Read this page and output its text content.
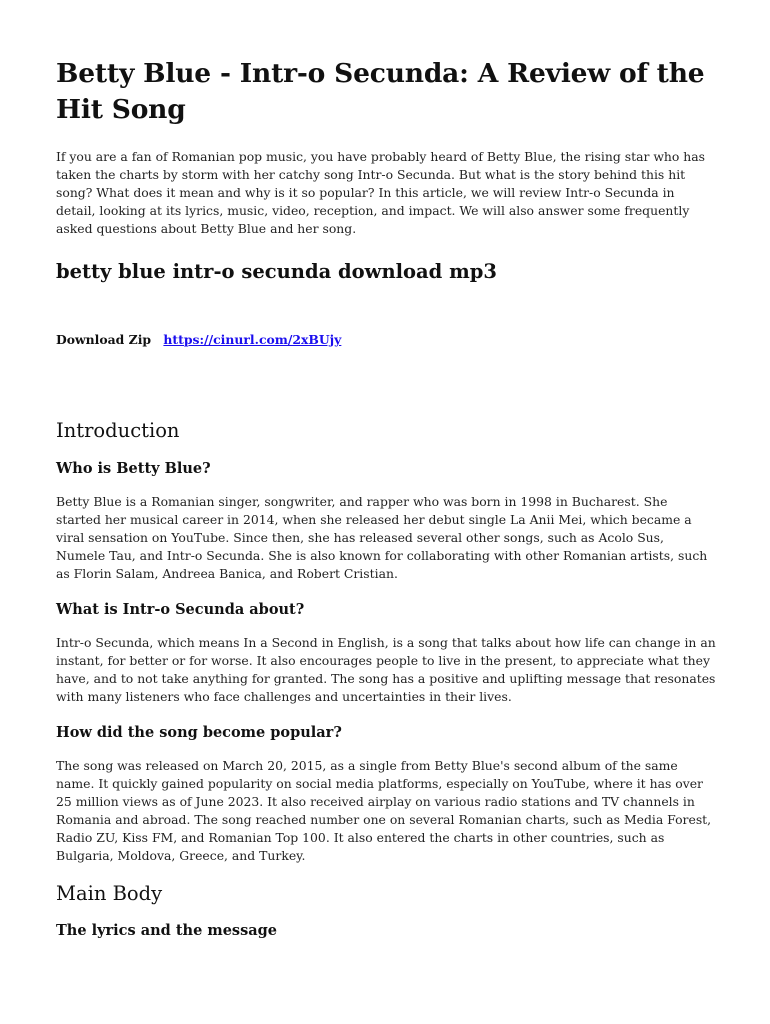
Betty Blue - Intr-o Secunda: A Review of the Hit Song

If you are a fan of Romanian pop music, you have probably heard of Betty Blue, the rising star who has taken the charts by storm with her catchy song Intr-o Secunda. But what is the story behind this hit song? What does it mean and why is it so popular? In this article, we will review Intr-o Secunda in detail, looking at its lyrics, music, video, reception, and impact. We will also answer some frequently asked questions about Betty Blue and her song.

betty blue intr-o secunda download mp3
Download Zip https://cinurl.com/2xBUjy
Introduction
Who is Betty Blue?

Betty Blue is a Romanian singer, songwriter, and rapper who was born in 1998 in Bucharest. She started her musical career in 2014, when she released her debut single La Anii Mei, which became a viral sensation on YouTube. Since then, she has released several other songs, such as Acolo Sus, Numele Tau, and Intr-o Secunda. She is also known for collaborating with other Romanian artists, such as Florin Salam, Andreea Banica, and Robert Cristian.

What is Intr-o Secunda about?

Intr-o Secunda, which means In a Second in English, is a song that talks about how life can change in an instant, for better or for worse. It also encourages people to live in the present, to appreciate what they have, and to not take anything for granted. The song has a positive and uplifting message that resonates with many listeners who face challenges and uncertainties in their lives.

How did the song become popular?

The song was released on March 20, 2015, as a single from Betty Blue's second album of the same name. It quickly gained popularity on social media platforms, especially on YouTube, where it has over 25 million views as of June 2023. It also received airplay on various radio stations and TV channels in Romania and abroad. The song reached number one on several Romanian charts, such as Media Forest, Radio ZU, Kiss FM, and Romanian Top 100. It also entered the charts in other countries, such as Bulgaria, Moldova, Greece, and Turkey.

Main Body
The lyrics and the message
